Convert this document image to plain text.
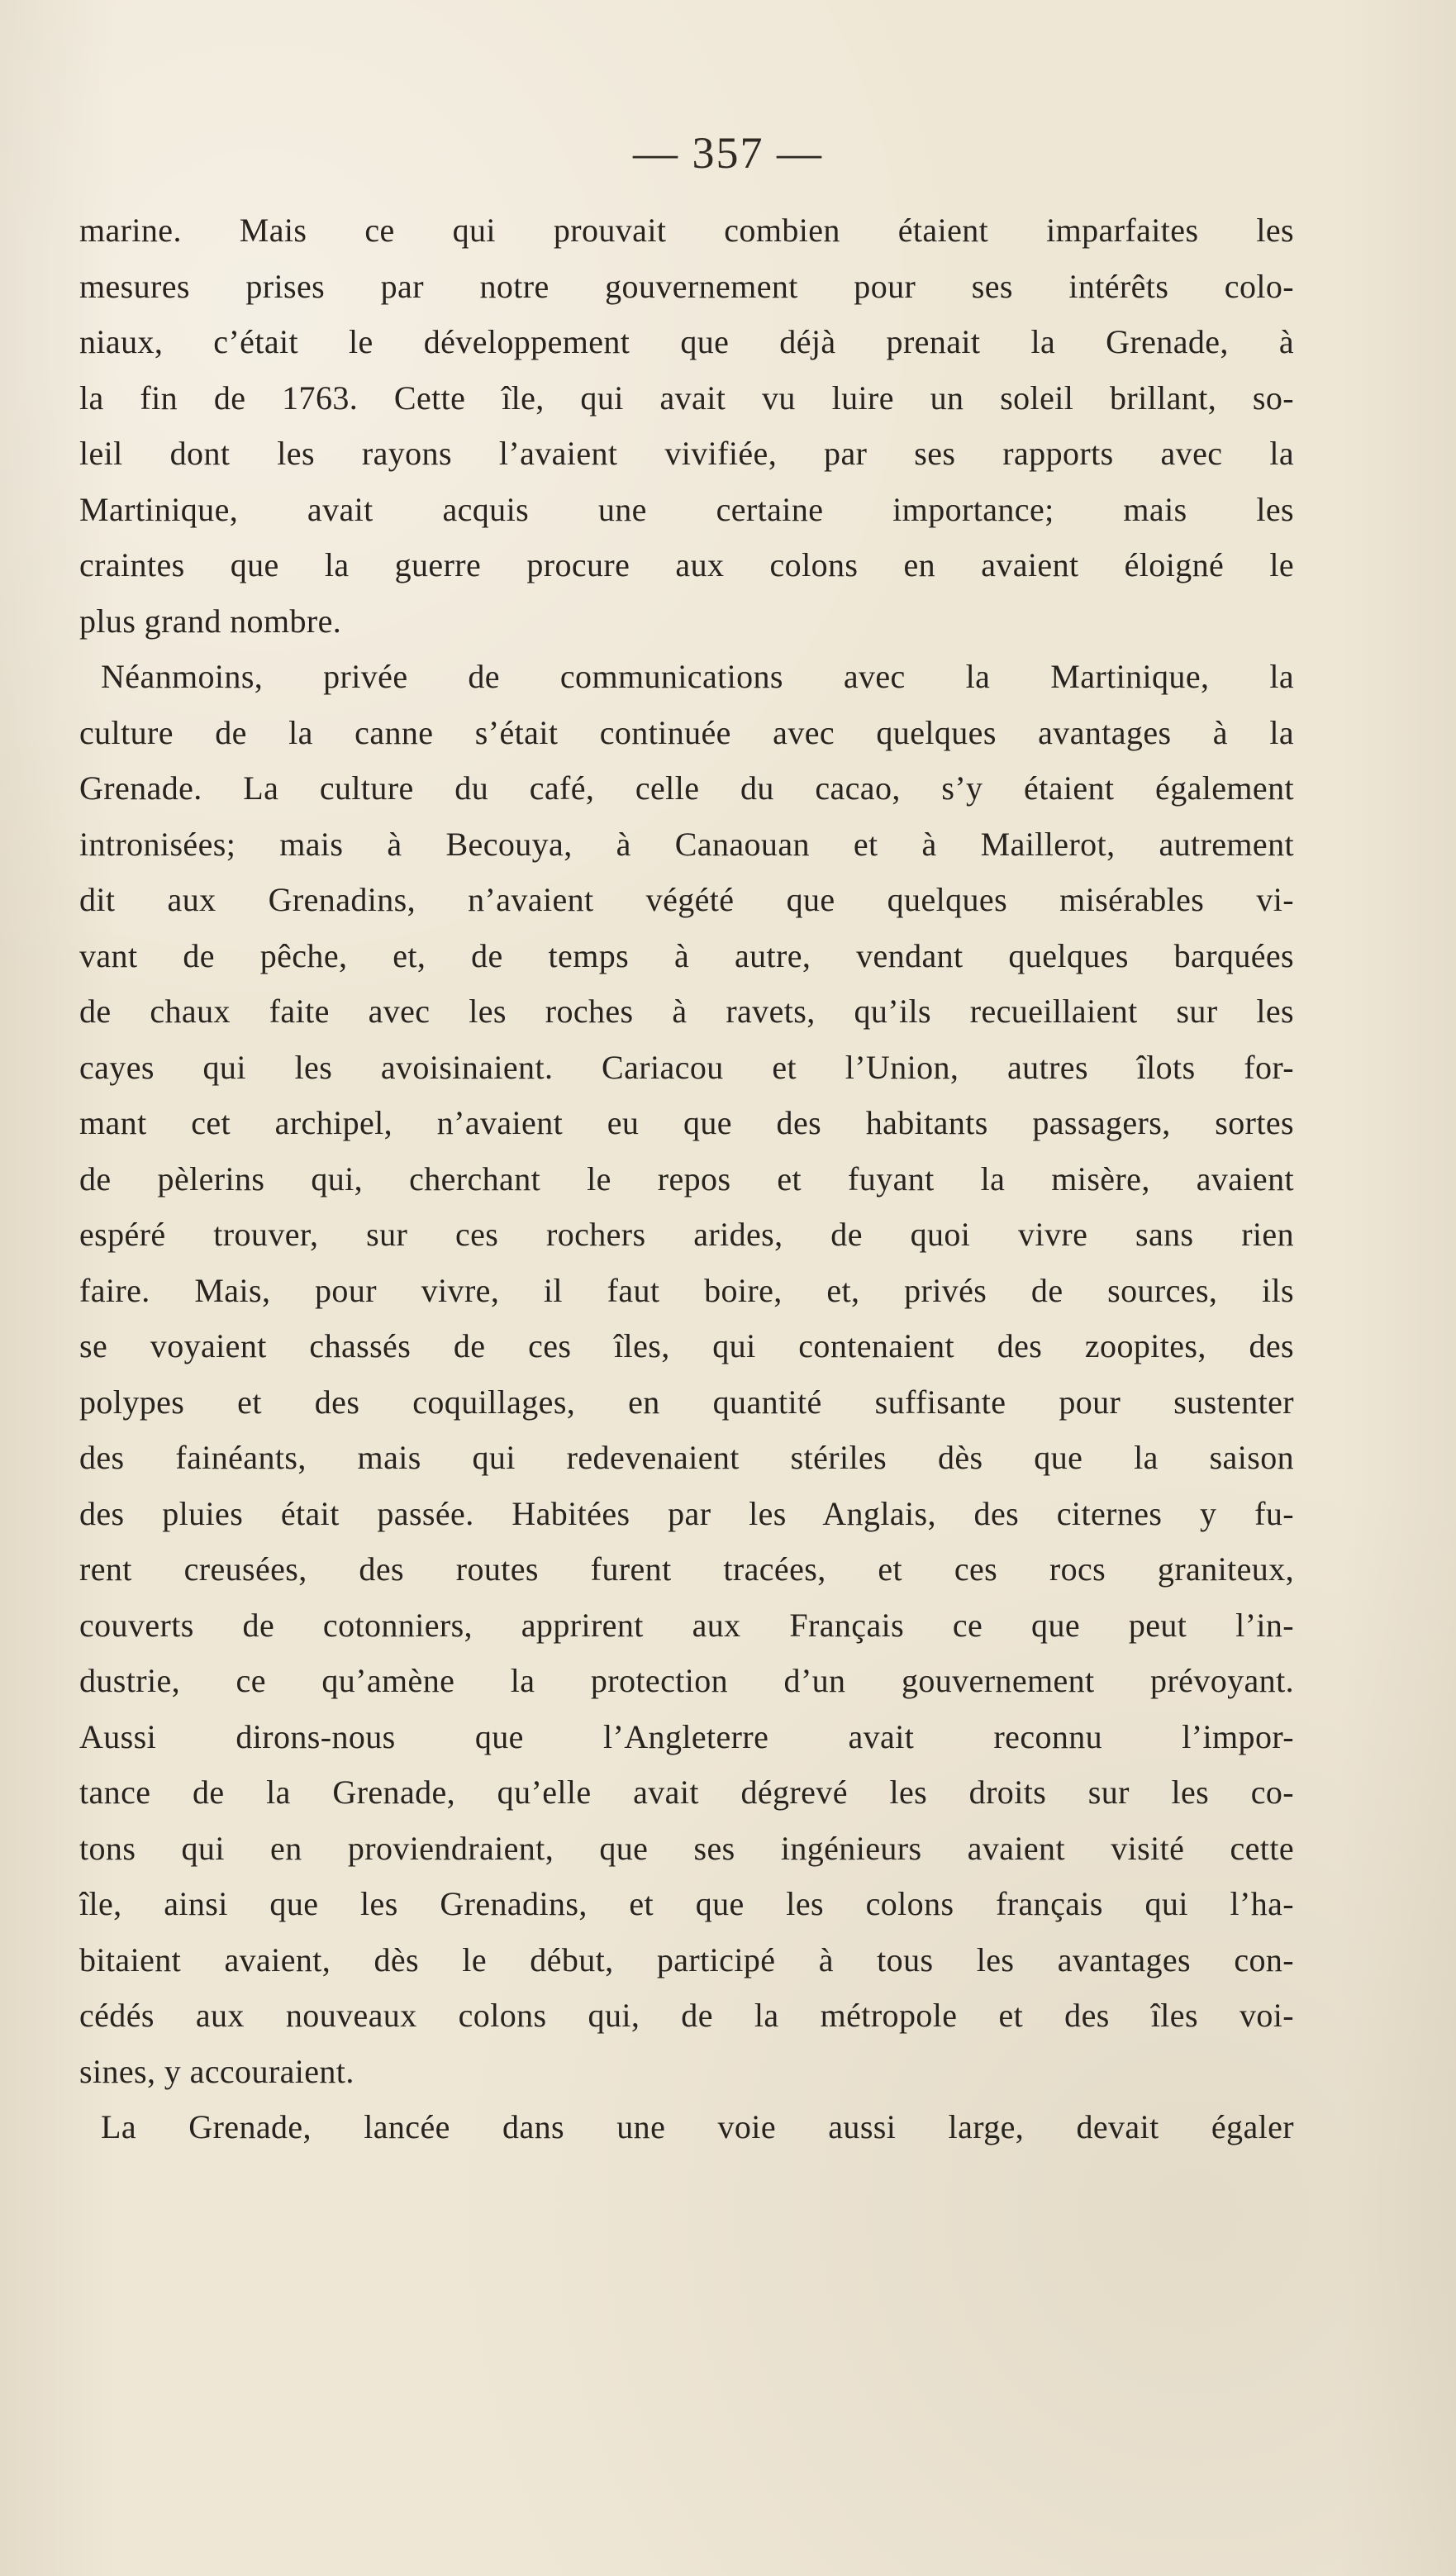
— 357 —
marine. Mais ce qui prouvait combien étaient imparfaites les
mesures prises par notre gouvernement pour ses intérêts colo-
niaux, c’était le développement que déjà prenait la Grenade, à
la fin de 1763. Cette île, qui avait vu luire un soleil brillant, so-
leil dont les rayons l’avaient vivifiée, par ses rapports avec la
Martinique, avait acquis une certaine importance; mais les
craintes que la guerre procure aux colons en avaient éloigné le
plus grand nombre.
Néanmoins, privée de communications avec la Martinique, la
culture de la canne s’était continuée avec quelques avantages à la
Grenade. La culture du café, celle du cacao, s’y étaient également
intronisées; mais à Becouya, à Canaouan et à Maillerot, autrement
dit aux Grenadins, n’avaient végété que quelques misérables vi-
vant de pêche, et, de temps à autre, vendant quelques barquées
de chaux faite avec les roches à ravets, qu’ils recueillaient sur les
cayes qui les avoisinaient. Cariacou et l’Union, autres îlots for-
mant cet archipel, n’avaient eu que des habitants passagers, sortes
de pèlerins qui, cherchant le repos et fuyant la misère, avaient
espéré trouver, sur ces rochers arides, de quoi vivre sans rien
faire. Mais, pour vivre, il faut boire, et, privés de sources, ils
se voyaient chassés de ces îles, qui contenaient des zoopites, des
polypes et des coquillages, en quantité suffisante pour sustenter
des fainéants, mais qui redevenaient stériles dès que la saison
des pluies était passée. Habitées par les Anglais, des citernes y fu-
rent creusées, des routes furent tracées, et ces rocs graniteux,
couverts de cotonniers, apprirent aux Français ce que peut l’in-
dustrie, ce qu’amène la protection d’un gouvernement prévoyant.
Aussi dirons-nous que l’Angleterre avait reconnu l’impor-
tance de la Grenade, qu’elle avait dégrevé les droits sur les co-
tons qui en proviendraient, que ses ingénieurs avaient visité cette
île, ainsi que les Grenadins, et que les colons français qui l’ha-
bitaient avaient, dès le début, participé à tous les avantages con-
cédés aux nouveaux colons qui, de la métropole et des îles voi-
sines, y accouraient.
La Grenade, lancée dans une voie aussi large, devait égaler
